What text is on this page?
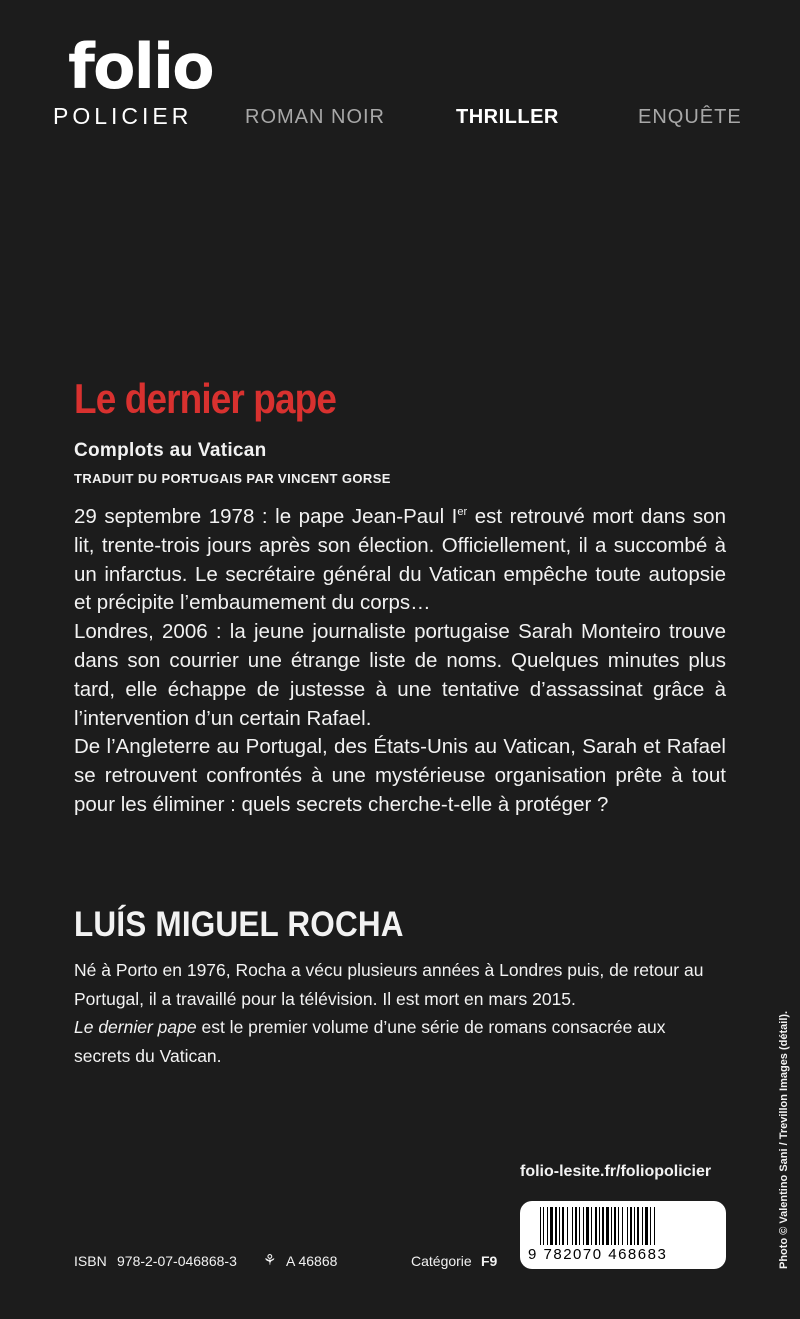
folio
POLICIER	ROMAN NOIR	THRILLER	ENQUÊTE
Le dernier pape
Complots au Vatican
TRADUIT DU PORTUGAIS PAR VINCENT GORSE

29 septembre 1978 : le pape Jean-Paul Ier est retrouvé mort dans son lit, trente-trois jours après son élection. Officiellement, il a succombé à un infarctus. Le secrétaire général du Vatican empêche toute autopsie et précipite l’embaumement du corps…

Londres, 2006 : la jeune journaliste portugaise Sarah Monteiro trouve dans son courrier une étrange liste de noms. Quelques minutes plus tard, elle échappe de justesse à une tentative d’assassinat grâce à l’intervention d’un certain Rafael.

De l’Angleterre au Portugal, des États-Unis au Vatican, Sarah et Rafael se retrouvent confrontés à une mystérieuse organisation prête à tout pour les éliminer : quels secrets cherche-t-elle à protéger ?

LUÍS MIGUEL ROCHA

Né à Porto en 1976, Rocha a vécu plusieurs années à Londres puis, de retour au Portugal, il a travaillé pour la télévision. Il est mort en mars 2015.

Le dernier pape est le premier volume d’une série de romans consacrée aux secrets du Vatican.

folio-lesite.fr/foliopolicier
9 782070 468683
ISBN 978-2-07-046868-3 ⚘ A 46868	Catégorie F9	Photo © Valentino Sani / Trevillon Images (détail).
